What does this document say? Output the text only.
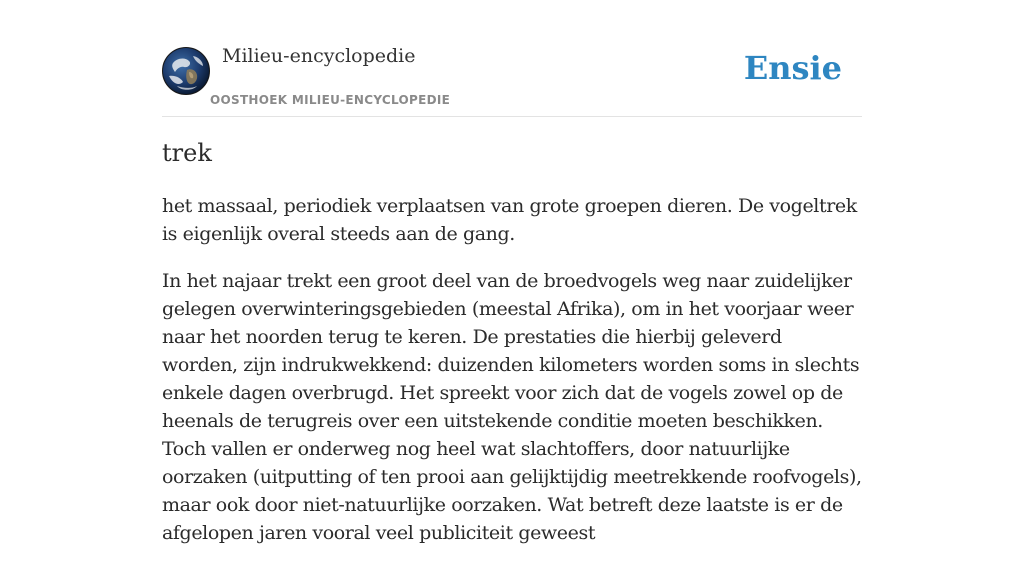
Milieu-encyclopedie
OOSTHOEK MILIEU-ENCYCLOPEDIE
Ensie
trek

het massaal, periodiek verplaatsen van grote groepen dieren. De vogeltrek is eigenlijk overal steeds aan de gang.

In het najaar trekt een groot deel van de broedvogels weg naar zuidelijker gelegen overwinteringsgebieden (meestal Afrika), om in het voorjaar weer naar het noorden terug te keren. De prestaties die hierbij geleverd worden, zijn indrukwekkend: duizenden kilometers worden soms in slechts enkele dagen overbrugd. Het spreekt voor zich dat de vogels zowel op de heenals de terugreis over een uitstekende conditie moeten beschikken. Toch vallen er onderweg nog heel wat slachtoffers, door natuurlijke oorzaken (uitputting of ten prooi aan gelijktijdig meetrekkende roofvogels), maar ook door niet-natuurlijke oorzaken. Wat betreft deze laatste is er de afgelopen jaren vooral veel publiciteit geweest
